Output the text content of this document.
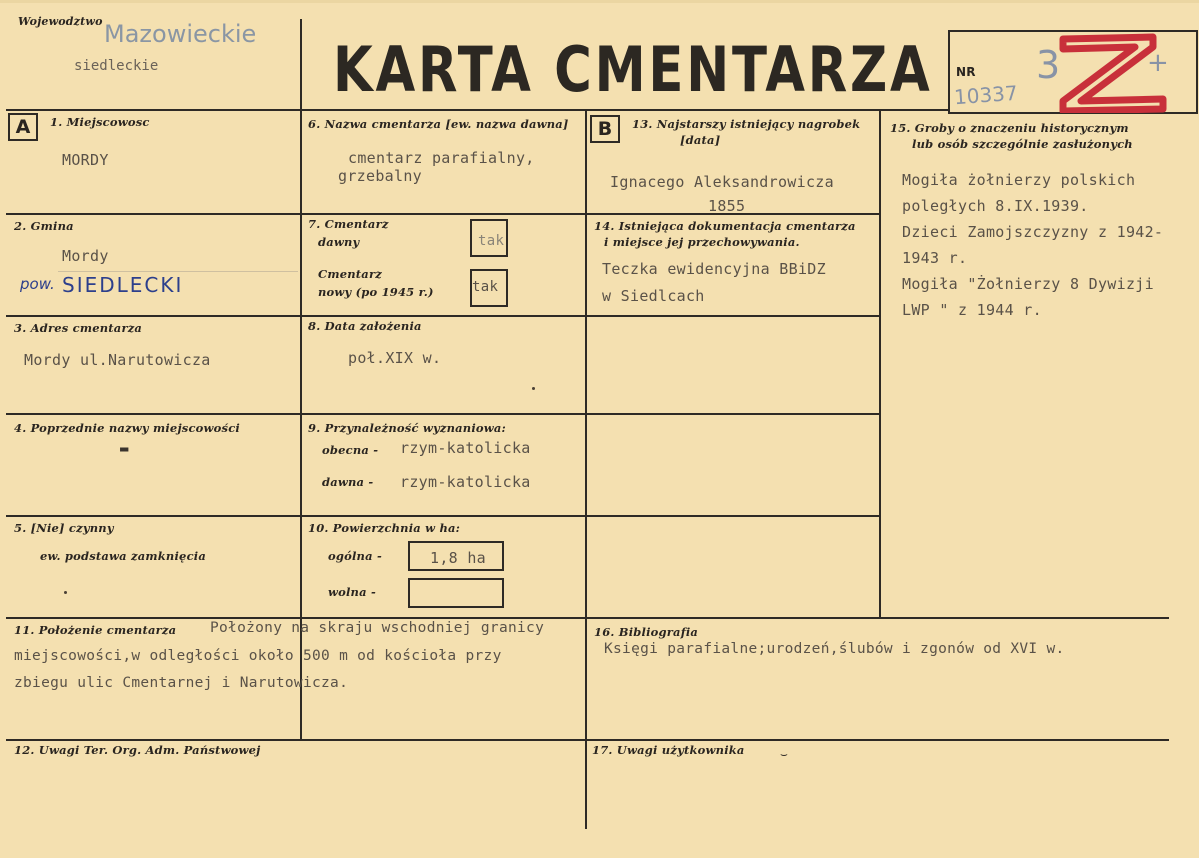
Wojewodztwo Mazowieckie
siedleckie	KARTA CMENTARZA NR
10337
3	+
A	B
1. Miejscowosc
MORDY
2. Gmina
Mordy
pow. SIEDLECKI
3. Adres cmentarza
Mordy ul.Narutowicza
4. Poprzednie nazwy miejscowości
▬
5. [Nie] czynny
ew. podstawa zamknięcia
6. Nazwa cmentarza [ew. nazwa dawna]
cmentarz parafialny,
grzebalny
7. Cmentarz
dawny	tak
Cmentarz
nowy (po 1945 r.)	tak
8. Data założenia
poł.XIX w.
9. Przynależność wyznaniowa:
obecna - rzym-katolicka
dawna - rzym-katolicka
10. Powierzchnia w ha:
ogólna -	1,8 ha
wolna -
11. Położenie cmentarza Położony na skraju wschodniej granicy
miejscowości,w odległości około 500 m od kościoła przy
zbiegu ulic Cmentarnej i Narutowicza.
12. Uwagi Ter. Org. Adm. Państwowej
13. Najstarszy istniejący nagrobek
[data]
Ignacego Aleksandrowicza
1855
14. Istniejąca dokumentacja cmentarza
i miejsce jej przechowywania.
Teczka ewidencyjna BBiDZ
w Siedlcach
15. Groby o znaczeniu historycznym
lub osób szczególnie zasłużonych
Mogiła żołnierzy polskich
poległych 8.IX.1939.
Dzieci Zamojszczyzny z 1942-
1943 r.
Mogiła "Żołnierzy 8 Dywizji
LWP " z 1944 r.
16. Bibliografia
Księgi parafialne;urodzeń,ślubów i zgonów od XVI w.
17. Uwagi użytkownika	⌣
